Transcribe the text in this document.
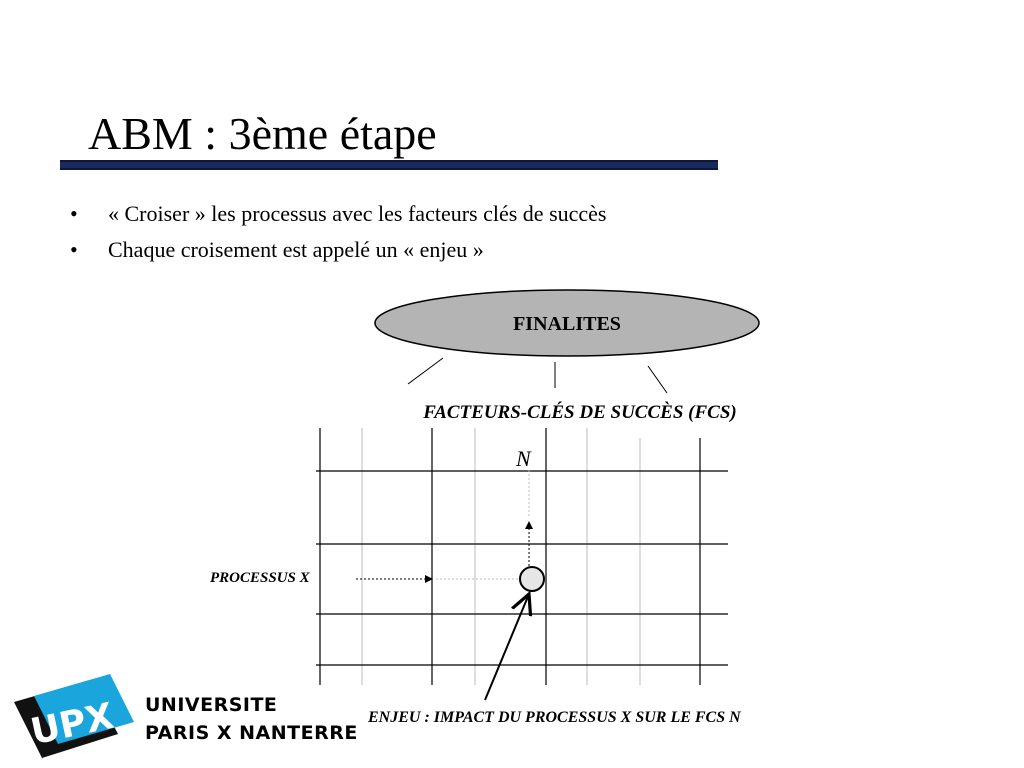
ABM : 3ème étape
• « Croiser » les processus avec les facteurs clés de succès
• Chaque croisement est appelé un « enjeu »
FINALITES
FACTEURS-CLÉS DE SUCCÈS (FCS)
N
PROCESSUS X
ENJEU : IMPACT DU PROCESSUS X SUR LE FCS N
UPX UNIVERSITE
PARIS X NANTERRE
